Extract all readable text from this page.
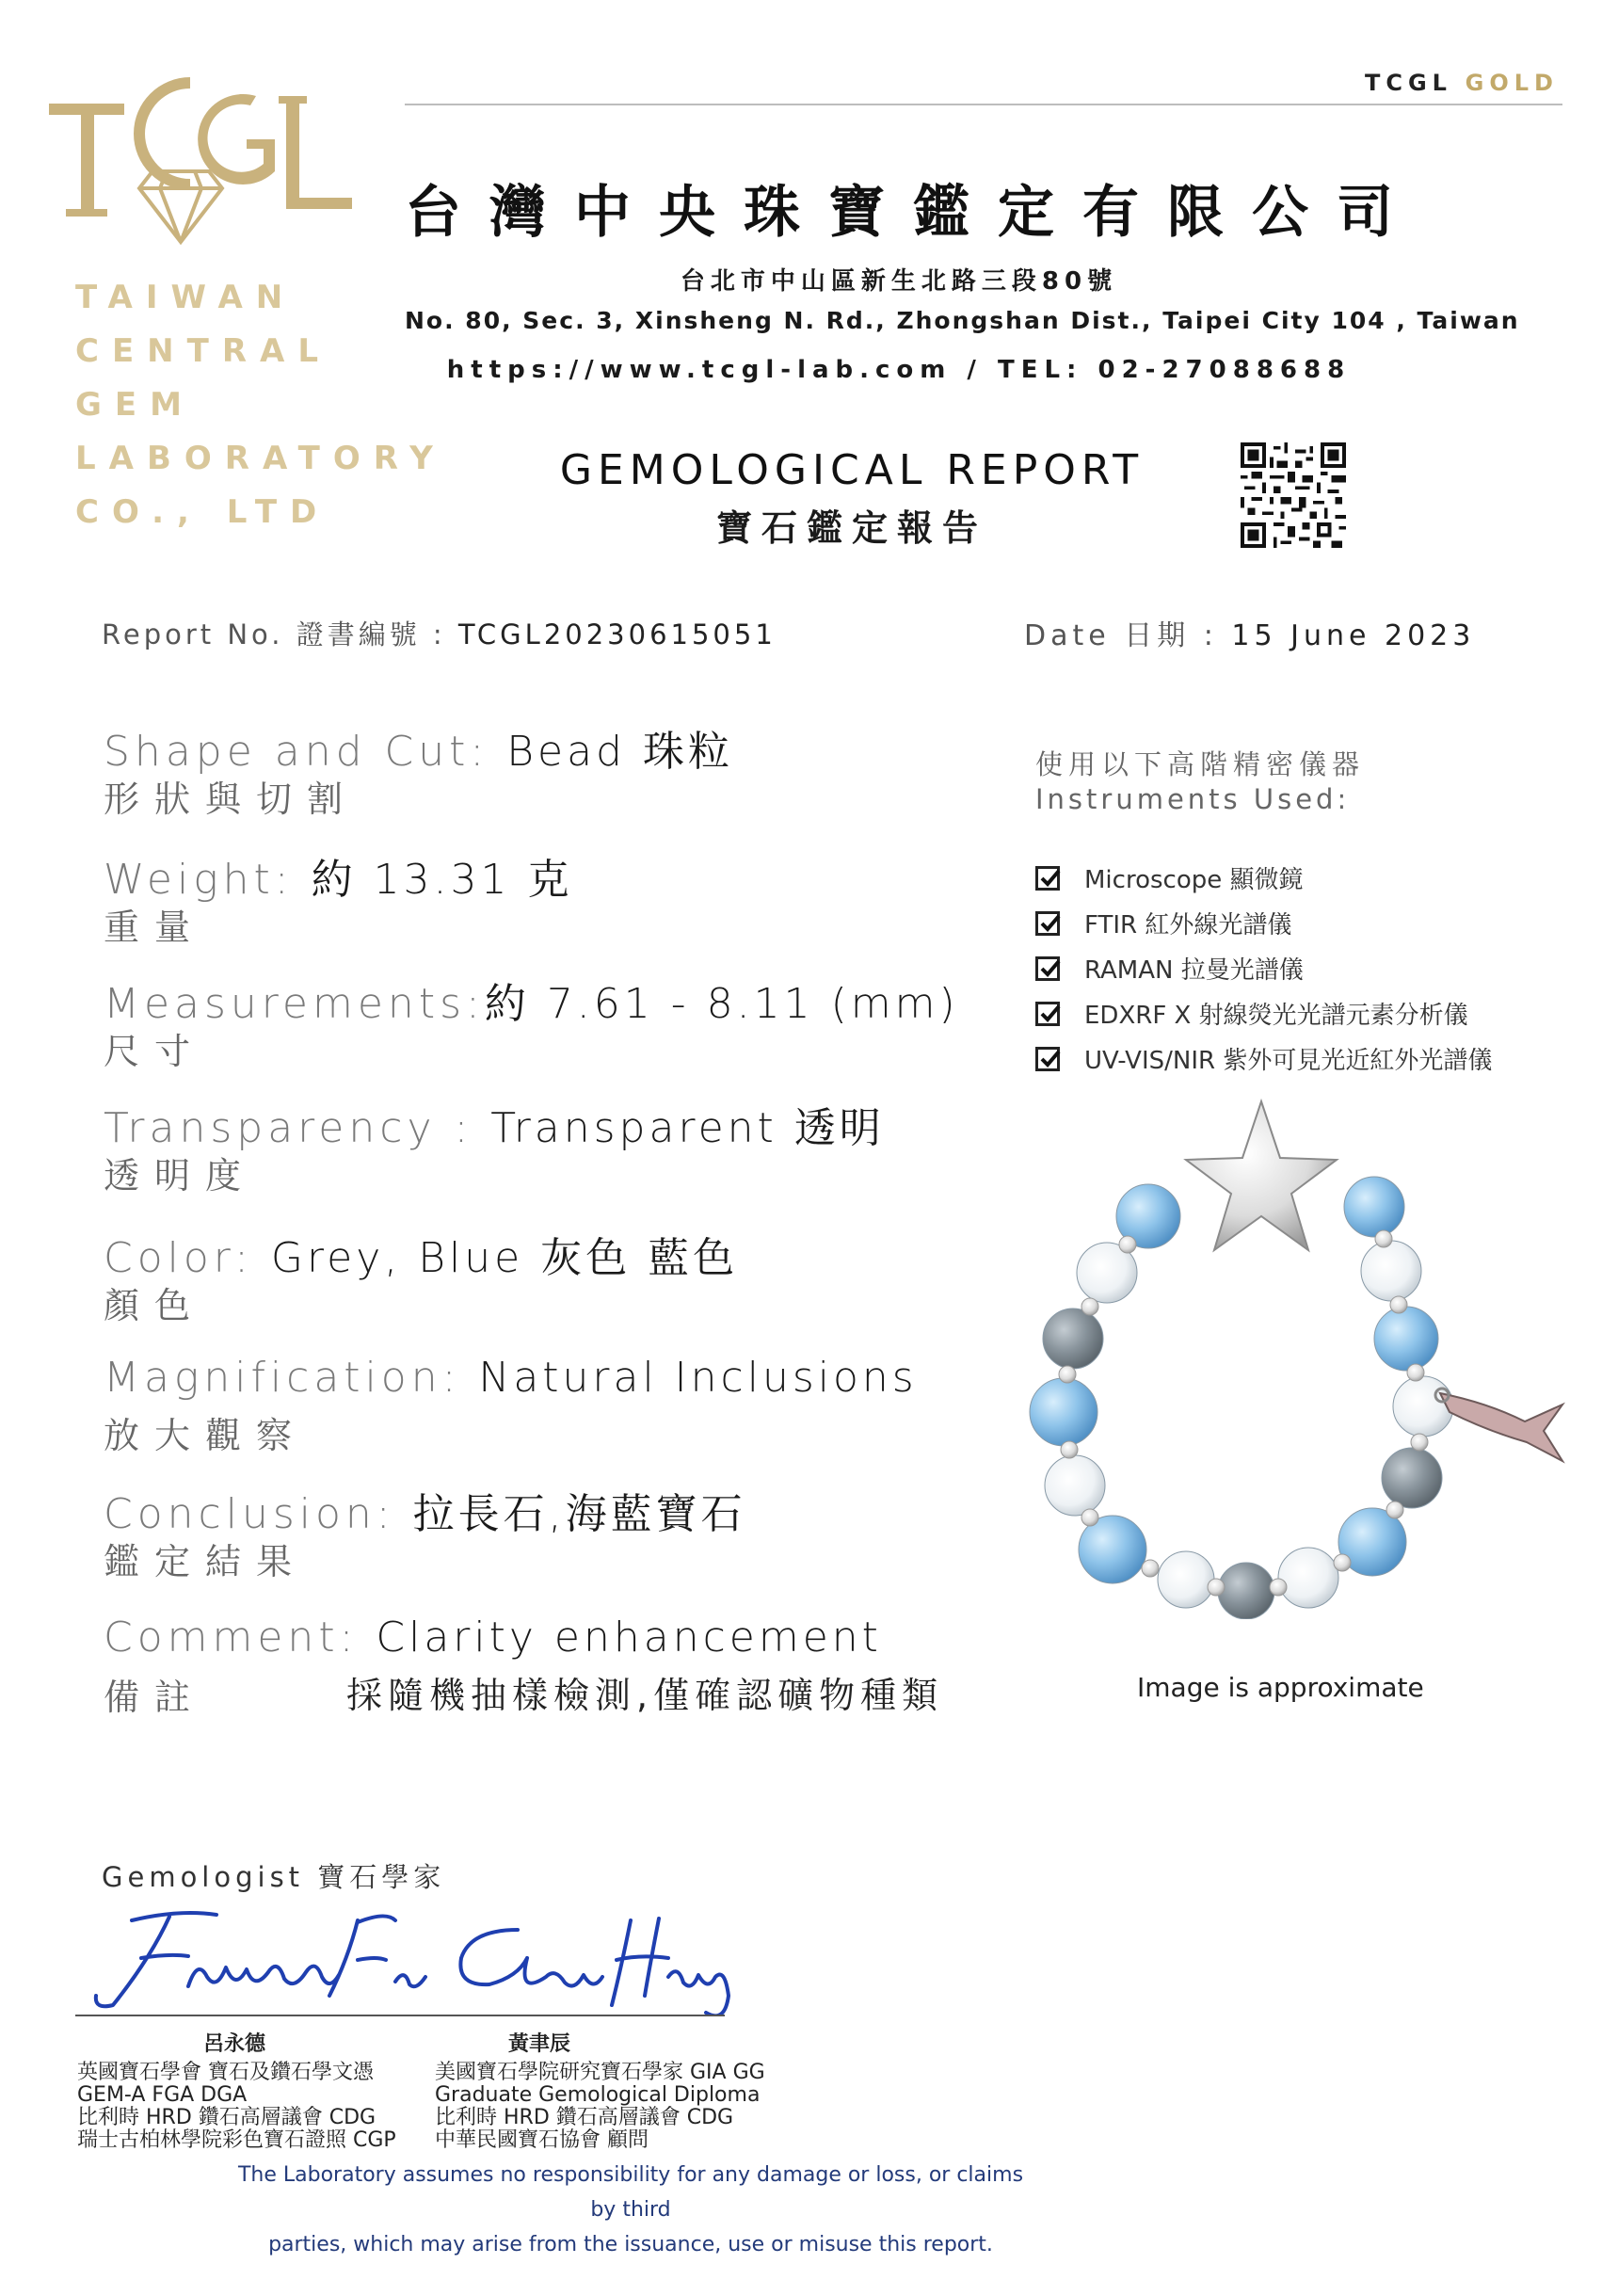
TAIWAN
CENTRAL
GEM
LABORATORY
CO., LTD
TCGL GOLD
台灣中央珠寶鑑定有限公司
台北市中山區新生北路三段80號
No. 80, Sec. 3, Xinsheng N. Rd., Zhongshan Dist., Taipei City 104 , Taiwan
https://www.tcgl-lab.com / TEL: 02-27088688
GEMOLOGICAL REPORT
寶石鑑定報告
Report No. 證書編號 : TCGL20230615051	Date 日期 : 15 June 2023
Shape and Cut: Bead 珠粒
形狀與切割
Weight: 約 13.31 克
重量
Measurements:約 7.61 - 8.11 (mm)
尺寸
Transparency : Transparent 透明
透明度
Color: Grey, Blue 灰色 藍色
顏色
Magnification: Natural Inclusions
放大觀察
Conclusion: 拉長石,海藍寶石
鑑定結果
Comment: Clarity enhancement
備註	採隨機抽樣檢測,僅確認礦物種類
使用以下高階精密儀器
Instruments Used:
Microscope 顯微鏡
FTIR 紅外線光譜儀
RAMAN 拉曼光譜儀
EDXRF X 射線熒光光譜元素分析儀
UV-VIS/NIR 紫外可見光近紅外光譜儀
Image is approximate
Gemologist 寶石學家
呂永德	黃聿辰
英國寶石學會 寶石及鑽石學文憑
GEM-A FGA DGA
比利時 HRD 鑽石高層議會 CDG
瑞士古柏林學院彩色寶石證照 CGP
美國寶石學院研究寶石學家 GIA GG
Graduate Gemological Diploma
比利時 HRD 鑽石高層議會 CDG
中華民國寶石協會 顧問
The Laboratory assumes no responsibility for any damage or loss, or claims by third
parties, which may arise from the issuance, use or misuse this report.
